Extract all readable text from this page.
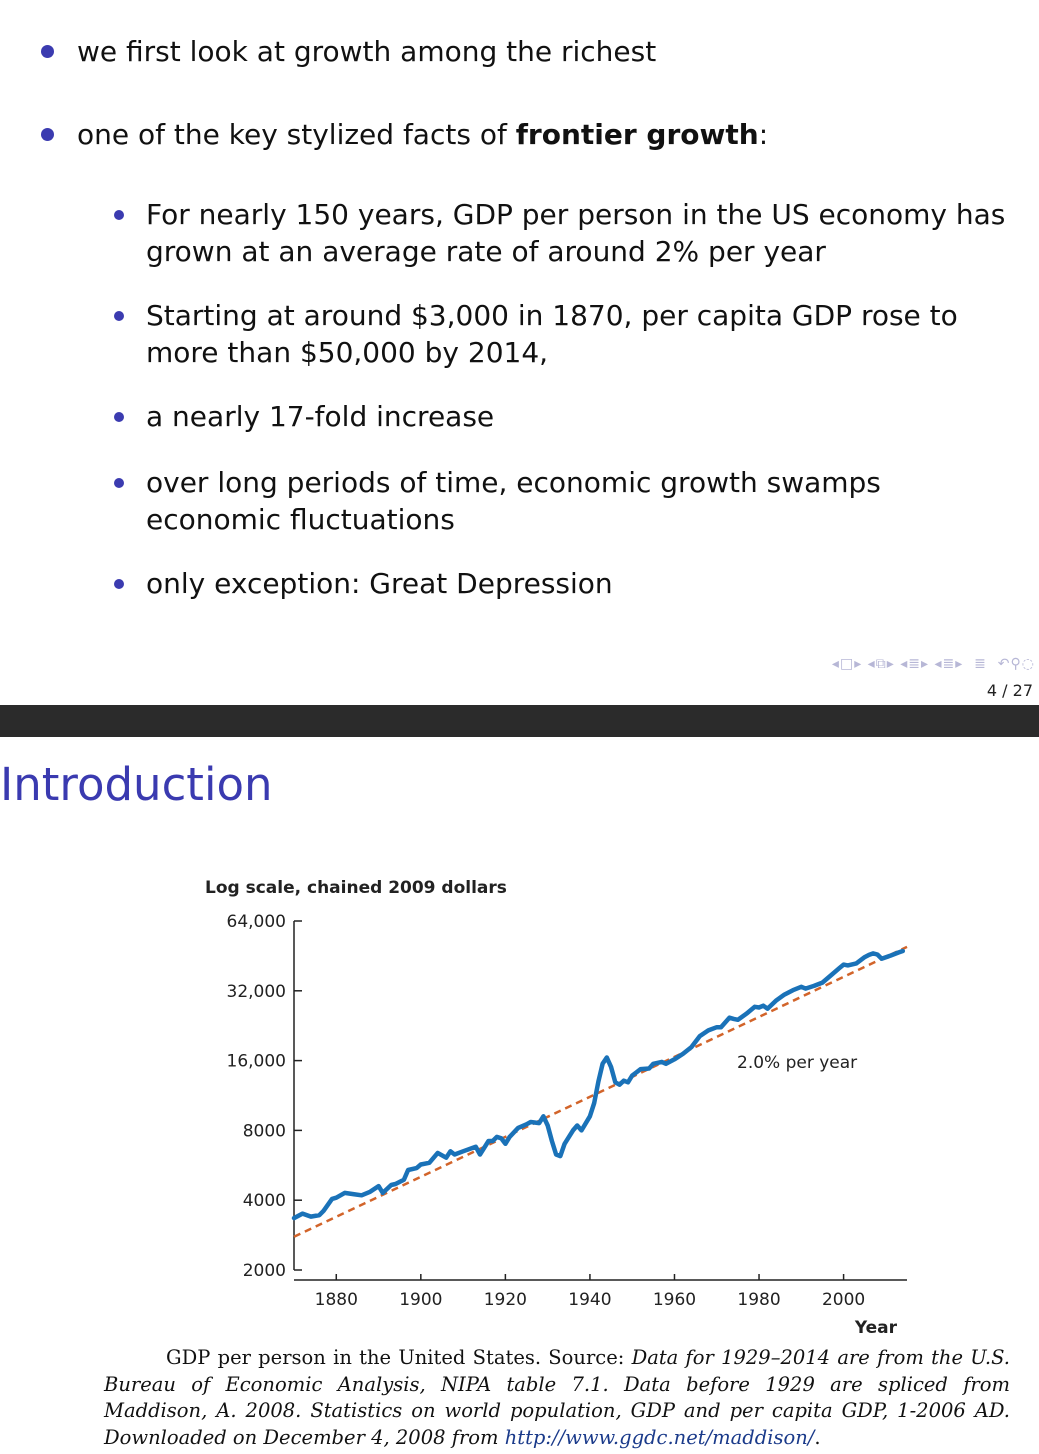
we first look at growth among the richest
one of the key stylized facts of frontier growth:
For nearly 150 years, GDP per person in the US economy has grown at an average rate of around 2% per year
Starting at around $3,000 in 1870, per capita GDP rose to more than $50,000 by 2014,
a nearly 17-fold increase
over long periods of time, economic growth swamps economic fluctuations
only exception: Great Depression
◂□▸ ◂⧉▸ ◂≣▸ ◂≣▸ ≣ ↶⚲◌
4 / 27
Introduction
Log scale, chained 2009 dollars
2000
4000
8000
16,000
32,000
64,000
1880 1900 1920 1940 1960 1980 2000
2.0% per year
Year
GDP per person in the United States. Source: Data for 1929–2014 are from the U.S. Bureau of Economic Analysis, NIPA table 7.1. Data before 1929 are spliced from Maddison, A. 2008. Statistics on world population, GDP and per capita GDP, 1-2006 AD. Downloaded on December 4, 2008 from http://www.ggdc.net/maddison/.
